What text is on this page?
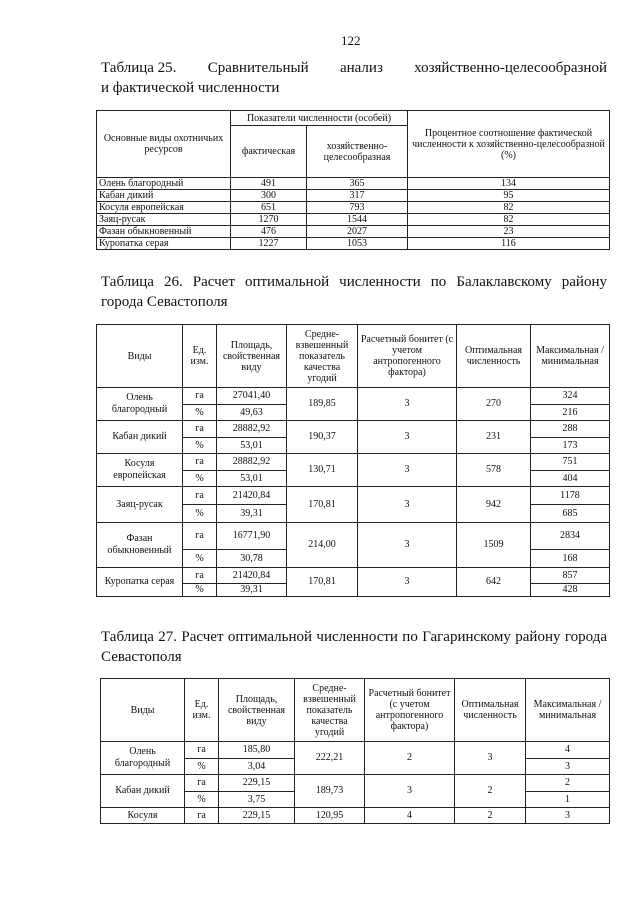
122
Таблица 25. Сравнительный анализ хозяйственно-целесообразной
и фактической численности
Основные виды охотничьих ресурсов	Показатели численности (особей)		Процентное соотношение фактической численности к хозяйственно-целесообразной (%)
	фактическая	хозяйственно-целесообразная	
Олень благородный	491	365	134
Кабан дикий	300	317	95
Косуля европейская	651	793	82
Заяц-русак	1270	1544	82
Фазан обыкновенный	476	2027	23
Куропатка серая	1227	1053	116
Таблица 26. Расчет оптимальной численности по Балаклавскому району города Севастополя
Виды	Ед. изм.	Площадь, свойственная виду	Средне-взвешенный показатель качества угодий	Расчетный бонитет (с учетом антропогенного фактора)	Оптимальная численность	Максимальная /минимальная
Олень благородный	га	27041,40	189,85	3	270	324
	%	49,63				216
Кабан дикий	га	28882,92	190,37	3	231	288
	%	53,01				173
Косуля европейская	га	28882,92	130,71	3	578	751
	%	53,01				404
Заяц-русак	га	21420,84	170,81	3	942	1178
	%	39,31				685
Фазан обыкновенный	га	16771,90	214,00	3	1509	2834
	%	30,78				168
Куропатка серая	га	21420,84	170,81	3	642	857
	%	39,31				428
Таблица 27. Расчет оптимальной численности по Гагаринскому району города Севастополя
Виды	Ед. изм.	Площадь, свойственная виду	Средне-взвешенный показатель качества угодий	Расчетный бонитет (с учетом антропогенного фактора)	Оптимальная численность	Максимальная /минимальная
Олень благородный	га	185,80	222,21	2	3	4
	%	3,04				3
Кабан дикий	га	229,15	189,73	3	2	2
	%	3,75				1
Косуля	га	229,15	120,95	4	2	3
